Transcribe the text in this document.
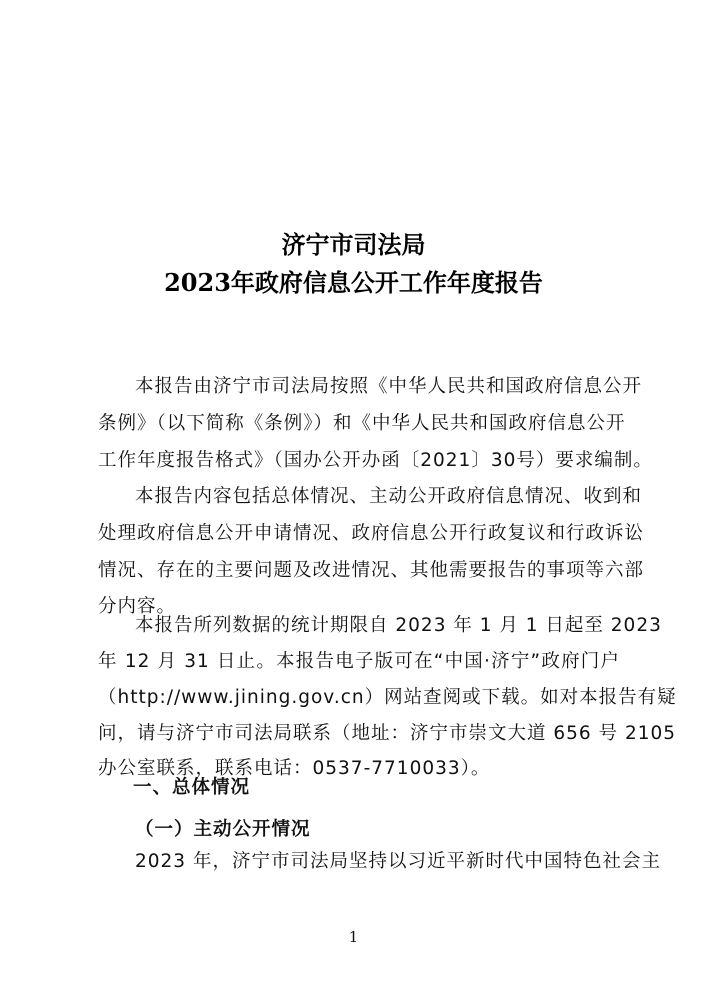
济宁市司法局
2023年政府信息公开工作年度报告
本报告由济宁市司法局按照《中华人民共和国政府信息公开
条例》（以下简称《条例》）和《中华人民共和国政府信息公开
工作年度报告格式》（国办公开办函〔2021〕30号）要求编制。
本报告内容包括总体情况、主动公开政府信息情况、收到和
处理政府信息公开申请情况、政府信息公开行政复议和行政诉讼
情况、存在的主要问题及改进情况、其他需要报告的事项等六部
分内容。
本报告所列数据的统计期限自 2023 年 1 月 1 日起至 2023
年 12 月 31 日止。本报告电子版可在“中国·济宁”政府门户
（http://www.jining.gov.cn）网站查阅或下载。如对本报告有疑
问，请与济宁市司法局联系（地址：济宁市崇文大道 656 号 2105
办公室联系，联系电话：0537-7710033）。
一、总体情况
（一）主动公开情况
2023 年，济宁市司法局坚持以习近平新时代中国特色社会主
1
